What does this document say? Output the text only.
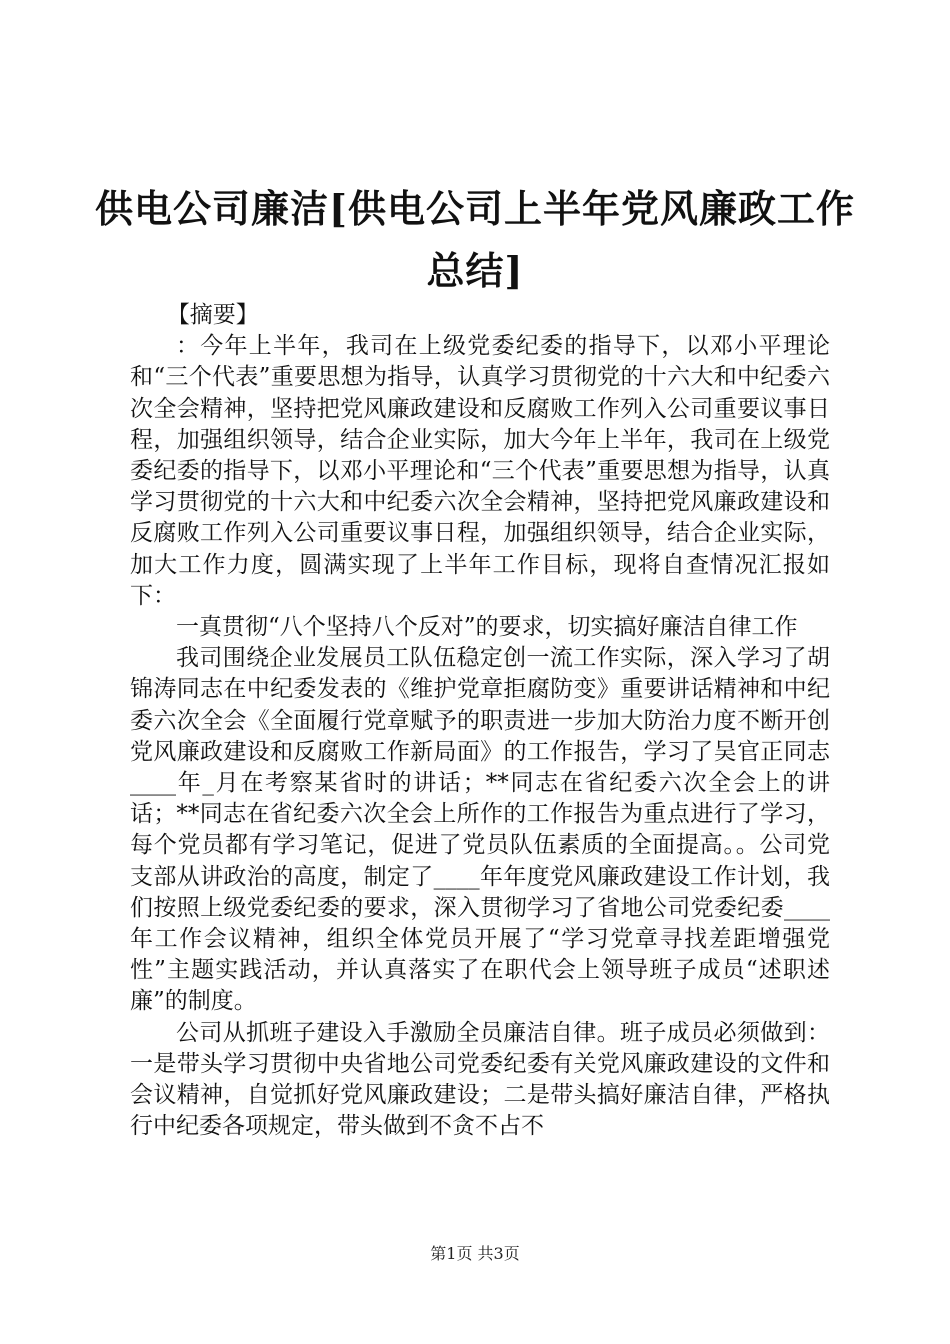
供电公司廉洁[供电公司上半年党风廉政工作总结]

【摘要】

：今年上半年，我司在上级党委纪委的指导下，以邓小平理论和“三个代表”重要思想为指导，认真学习贯彻党的十六大和中纪委六次全会精神，坚持把党风廉政建设和反腐败工作列入公司重要议事日程，加强组织领导，结合企业实际，加大今年上半年，我司在上级党委纪委的指导下，以邓小平理论和“三个代表”重要思想为指导，认真学习贯彻党的十六大和中纪委六次全会精神，坚持把党风廉政建设和反腐败工作列入公司重要议事日程，加强组织领导，结合企业实际，加大工作力度，圆满实现了上半年工作目标，现将自查情况汇报如下：

一真贯彻“八个坚持八个反对”的要求，切实搞好廉洁自律工作

我司围绕企业发展员工队伍稳定创一流工作实际，深入学习了胡锦涛同志在中纪委发表的《维护党章拒腐防变》重要讲话精神和中纪委六次全会《全面履行党章赋予的职责进一步加大防治力度不断开创党风廉政建设和反腐败工作新局面》的工作报告，学习了吴官正同志____年_月在考察某省时的讲话；**同志在省纪委六次全会上的讲话；**同志在省纪委六次全会上所作的工作报告为重点进行了学习，每个党员都有学习笔记，促进了党员队伍素质的全面提高。。公司党支部从讲政治的高度，制定了____年年度党风廉政建设工作计划，我们按照上级党委纪委的要求，深入贯彻学习了省地公司党委纪委____年工作会议精神，组织全体党员开展了“学习党章寻找差距增强党性”主题实践活动，并认真落实了在职代会上领导班子成员“述职述廉”的制度。

公司从抓班子建设入手激励全员廉洁自律。班子成员必须做到：一是带头学习贯彻中央省地公司党委纪委有关党风廉政建设的文件和会议精神，自觉抓好党风廉政建设；二是带头搞好廉洁自律，严格执行中纪委各项规定，带头做到不贪不占不

第1页 共3页
